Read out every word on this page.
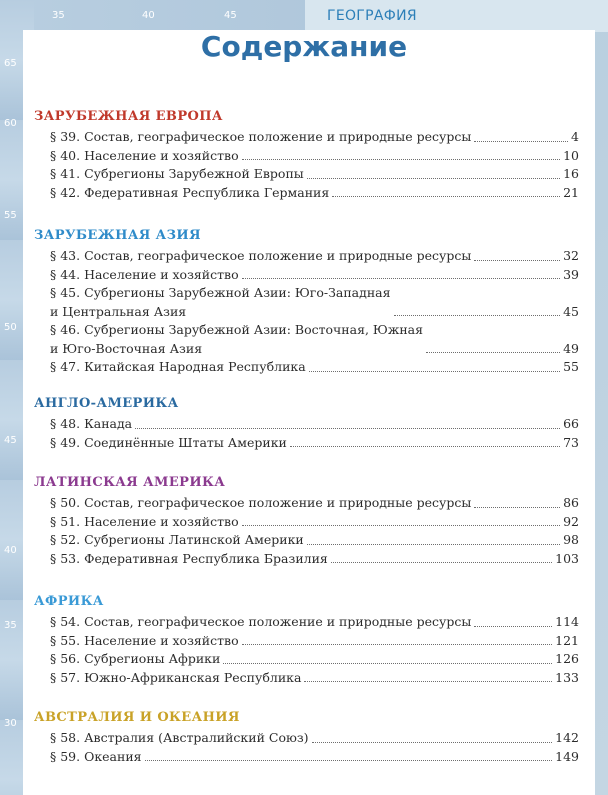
35	40	45
65
60
55
50
45
40
35
30
ГЕОГРАФИЯ
Содержание
ЗАРУБЕЖНАЯ ЕВРОПА
§ 39. Состав, географическое положение и природные ресурсы	4
§ 40. Население и хозяйство	10
§ 41. Субрегионы Зарубежной Европы	16
§ 42. Федеративная Республика Германия	21
ЗАРУБЕЖНАЯ АЗИЯ
§ 43. Состав, географическое положение и природные ресурсы	32
§ 44. Население и хозяйство	39
§ 45. Субрегионы Зарубежной Азии: Юго-Западная
и Центральная Азия	45
§ 46. Субрегионы Зарубежной Азии: Восточная, Южная
и Юго-Восточная Азия	49
§ 47. Китайская Народная Республика	55
АНГЛО-АМЕРИКА
§ 48. Канада	66
§ 49. Соединённые Штаты Америки	73
ЛАТИНСКАЯ АМЕРИКА
§ 50. Состав, географическое положение и природные ресурсы	86
§ 51. Население и хозяйство	92
§ 52. Субрегионы Латинской Америки	98
§ 53. Федеративная Республика Бразилия	103
АФРИКА
§ 54. Состав, географическое положение и природные ресурсы	114
§ 55. Население и хозяйство	121
§ 56. Субрегионы Африки	126
§ 57. Южно-Африканская Республика	133
АВСТРАЛИЯ И ОКЕАНИЯ
§ 58. Австралия (Австралийский Союз)	142
§ 59. Океания	149
